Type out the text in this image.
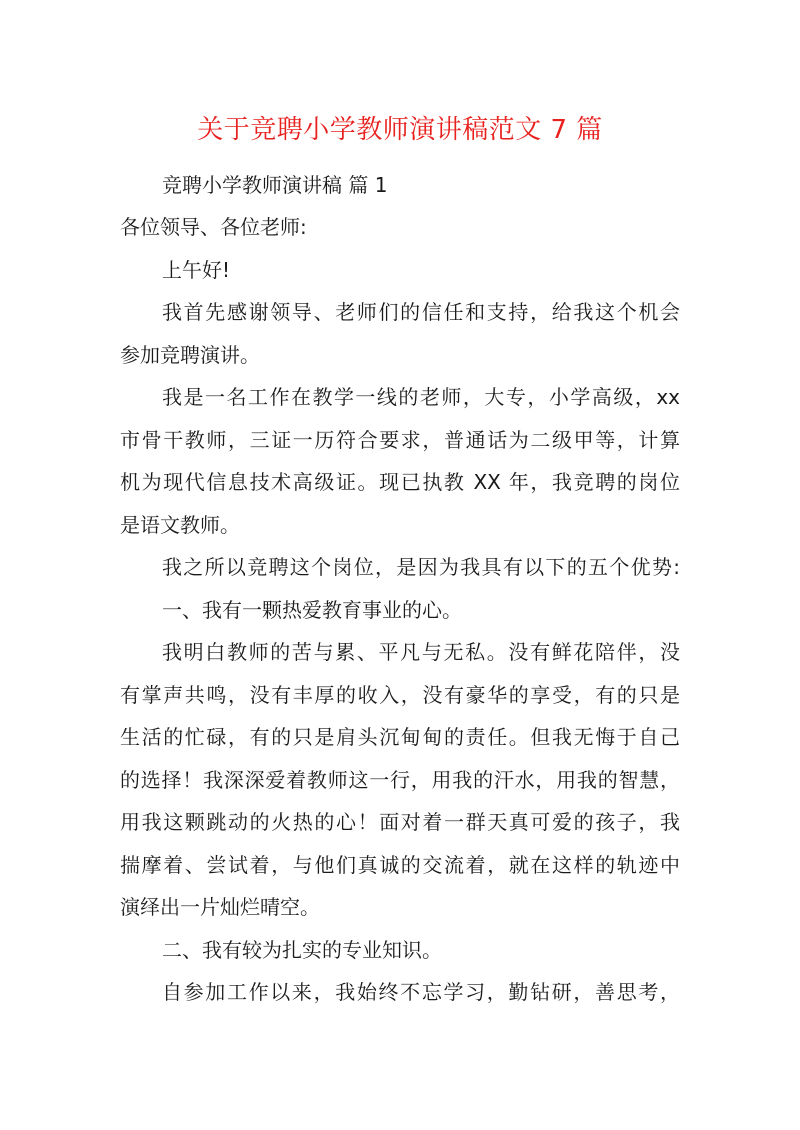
关于竞聘小学教师演讲稿范文 7 篇
竞聘小学教师演讲稿 篇 1
各位领导、各位老师:
上午好!
我首先感谢领导、老师们的信任和支持，给我这个机会
参加竞聘演讲。
我是一名工作在教学一线的老师，大专，小学高级，xx
市骨干教师，三证一历符合要求，普通话为二级甲等，计算
机为现代信息技术高级证。现已执教 XX 年，我竞聘的岗位
是语文教师。
我之所以竞聘这个岗位，是因为我具有以下的五个优势:
一、我有一颗热爱教育事业的心。
我明白教师的苦与累、平凡与无私。没有鲜花陪伴，没
有掌声共鸣，没有丰厚的收入，没有豪华的享受，有的只是
生活的忙碌，有的只是肩头沉甸甸的责任。但我无悔于自己
的选择！我深深爱着教师这一行，用我的汗水，用我的智慧，
用我这颗跳动的火热的心！面对着一群天真可爱的孩子，我
揣摩着、尝试着，与他们真诚的交流着，就在这样的轨迹中
演绎出一片灿烂晴空。
二、我有较为扎实的专业知识。
自参加工作以来，我始终不忘学习，勤钻研，善思考，
